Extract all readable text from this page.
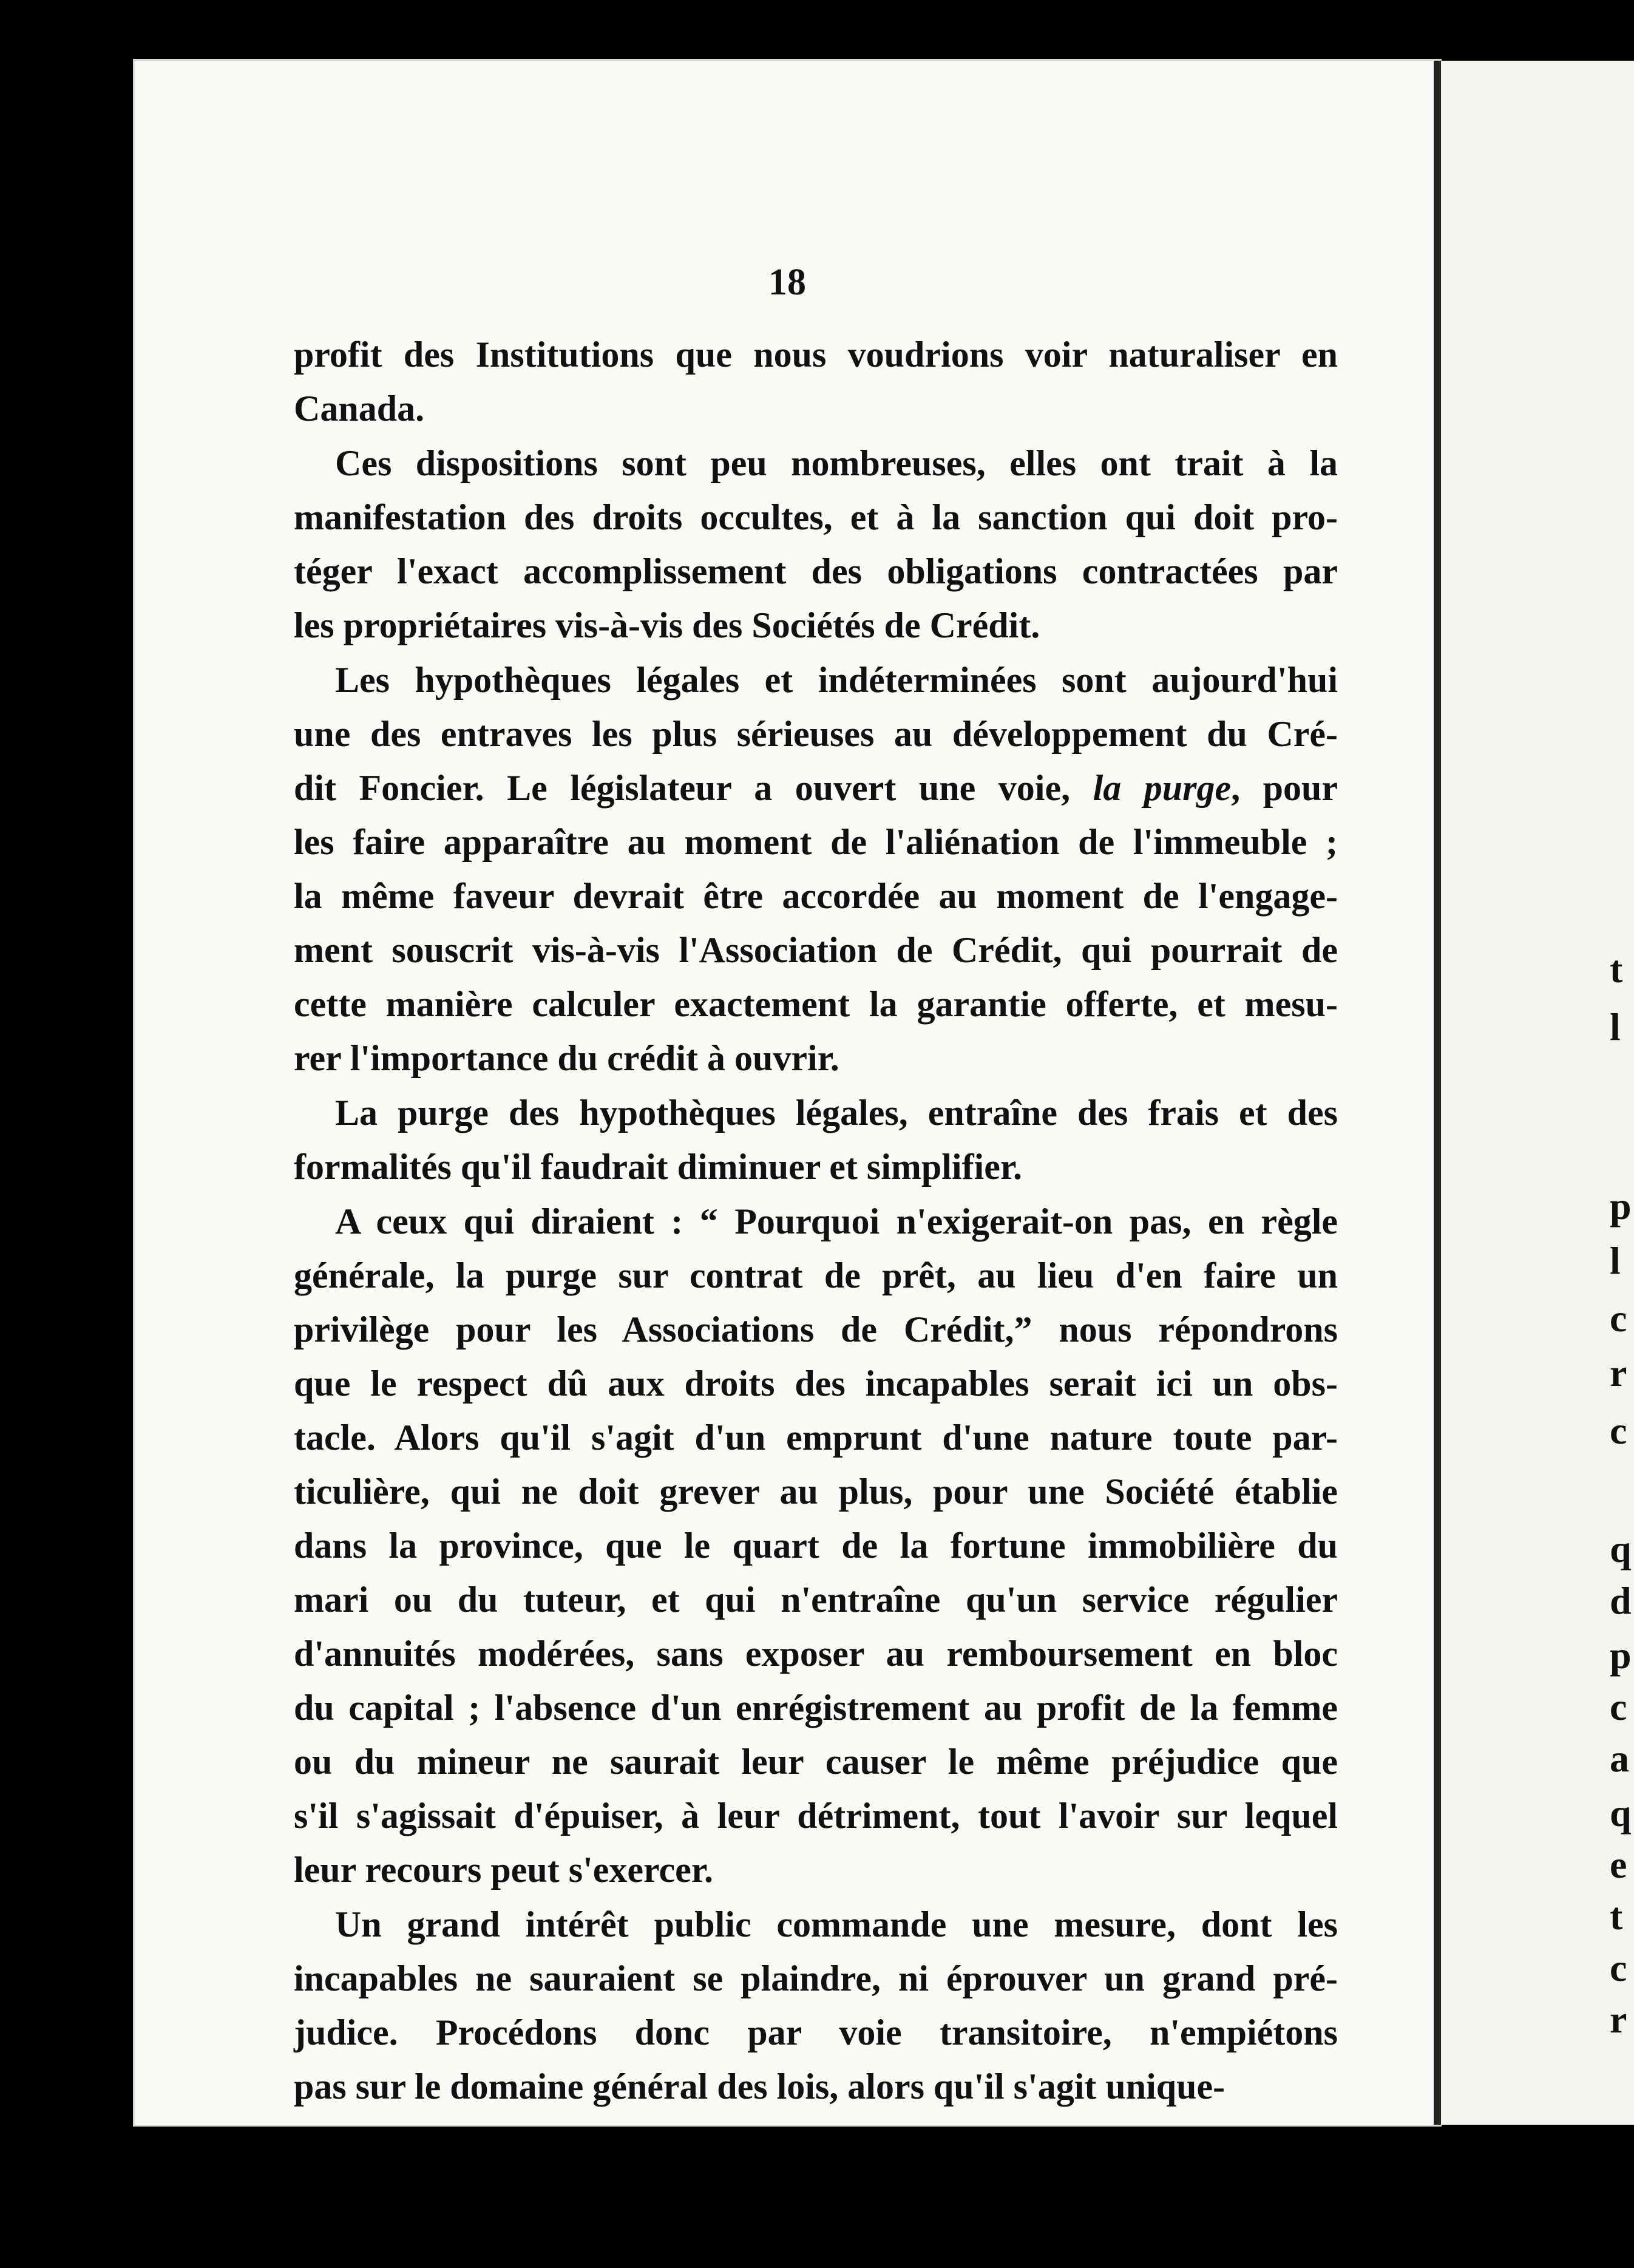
18
profit des Institutions que nous voudrions voir naturaliser en
Canada.
Ces dispositions sont peu nombreuses, elles ont trait à la
manifestation des droits occultes, et à la sanction qui doit pro-
téger l'exact accomplissement des obligations contractées par
les propriétaires vis-à-vis des Sociétés de Crédit.
Les hypothèques légales et indéterminées sont aujourd'hui
une des entraves les plus sérieuses au développement du Cré-
dit Foncier. Le législateur a ouvert une voie, la purge, pour
les faire apparaître au moment de l'aliénation de l'immeuble ;
la même faveur devrait être accordée au moment de l'engage-
ment souscrit vis-à-vis l'Association de Crédit, qui pourrait de
cette manière calculer exactement la garantie offerte, et mesu-
rer l'importance du crédit à ouvrir.
La purge des hypothèques légales, entraîne des frais et des
formalités qu'il faudrait diminuer et simplifier.
A ceux qui diraient : “ Pourquoi n'exigerait-on pas, en règle
générale, la purge sur contrat de prêt, au lieu d'en faire un
privilège pour les Associations de Crédit,” nous répondrons
que le respect dû aux droits des incapables serait ici un obs-
tacle. Alors qu'il s'agit d'un emprunt d'une nature toute par-
ticulière, qui ne doit grever au plus, pour une Société établie
dans la province, que le quart de la fortune immobilière du
mari ou du tuteur, et qui n'entraîne qu'un service régulier
d'annuités modérées, sans exposer au remboursement en bloc
du capital ; l'absence d'un enrégistrement au profit de la femme
ou du mineur ne saurait leur causer le même préjudice que
s'il s'agissait d'épuiser, à leur détriment, tout l'avoir sur lequel
leur recours peut s'exercer.
Un grand intérêt public commande une mesure, dont les
incapables ne sauraient se plaindre, ni éprouver un grand pré-
judice. Procédons donc par voie transitoire, n'empiétons
pas sur le domaine général des lois, alors qu'il s'agit unique-
t
l
p
l
c
r
c
q
d
p
c
a
q
e
t
c
r
